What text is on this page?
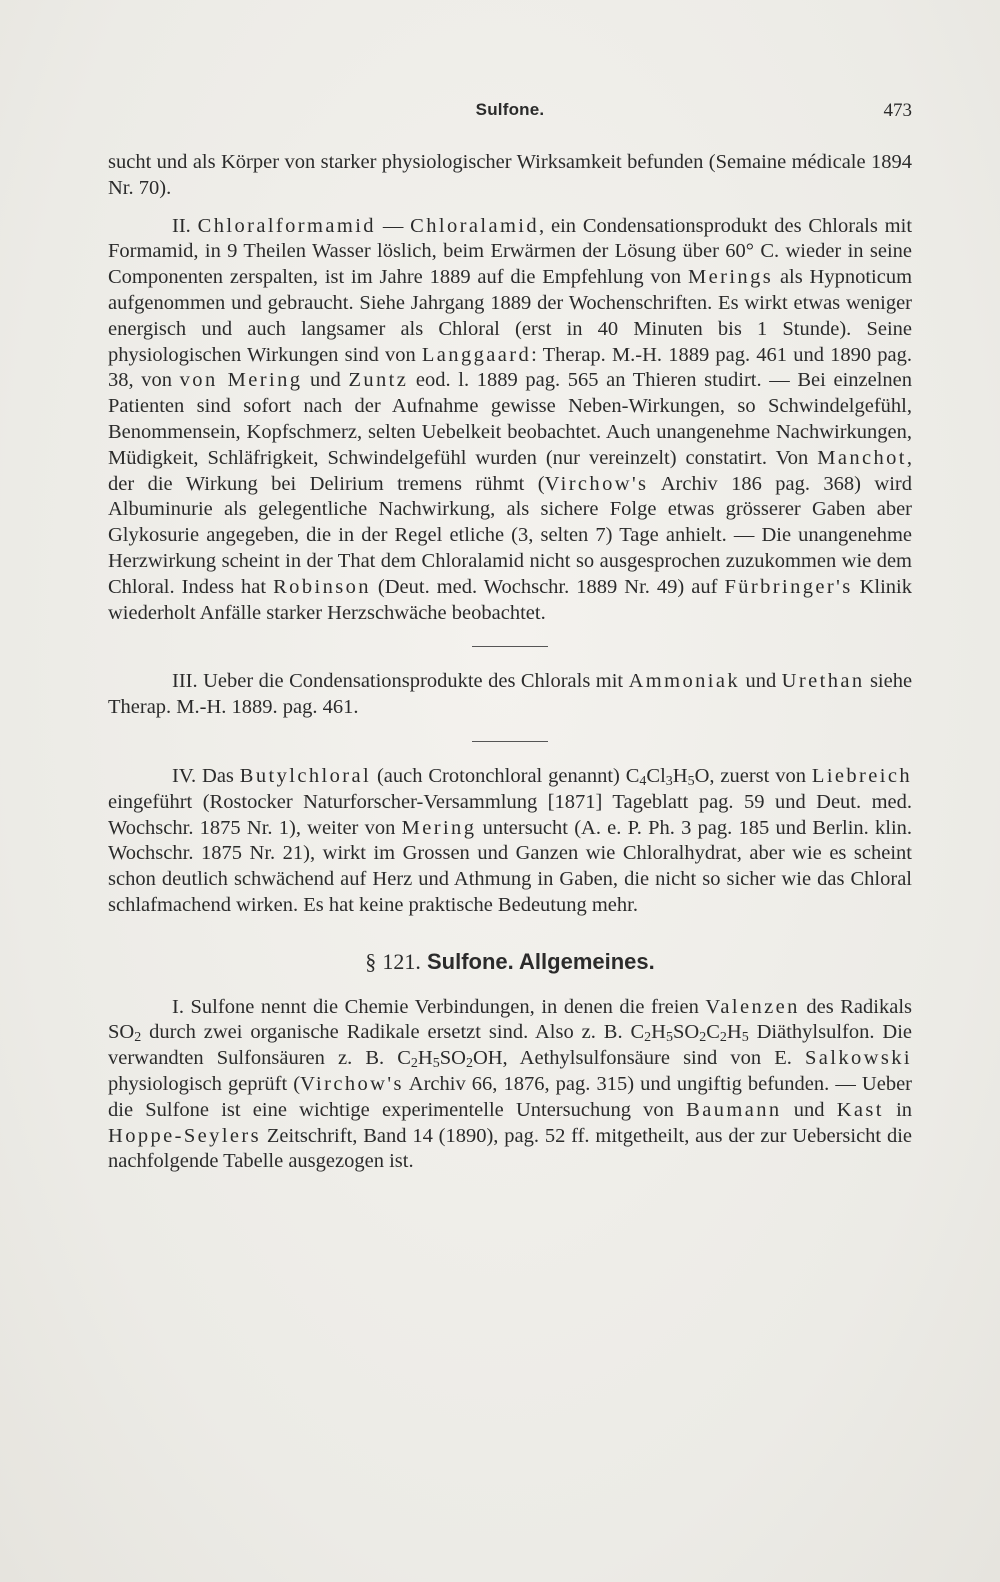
Sulfone.	473

sucht und als Körper von starker physiologischer Wirksamkeit befunden (Semaine médicale 1894 Nr. 70).

II. Chloralformamid — Chloralamid, ein Condensationsprodukt des Chlorals mit Formamid, in 9 Theilen Wasser löslich, beim Erwärmen der Lösung über 60° C. wieder in seine Componenten zerspalten, ist im Jahre 1889 auf die Empfehlung von Merings als Hypnoticum aufgenommen und gebraucht. Siehe Jahrgang 1889 der Wochenschriften. Es wirkt etwas weniger energisch und auch langsamer als Chloral (erst in 40 Minuten bis 1 Stunde). Seine physiologischen Wirkungen sind von Langgaard: Therap. M.-H. 1889 pag. 461 und 1890 pag. 38, von von Mering und Zuntz eod. l. 1889 pag. 565 an Thieren studirt. — Bei einzelnen Patienten sind sofort nach der Aufnahme gewisse Neben-Wirkungen, so Schwindelgefühl, Benommensein, Kopfschmerz, selten Uebelkeit beobachtet. Auch unangenehme Nachwirkungen, Müdigkeit, Schläfrigkeit, Schwindelgefühl wurden (nur vereinzelt) constatirt. Von Manchot, der die Wirkung bei Delirium tremens rühmt (Virchow's Archiv 186 pag. 368) wird Albuminurie als gelegentliche Nachwirkung, als sichere Folge etwas grösserer Gaben aber Glykosurie angegeben, die in der Regel etliche (3, selten 7) Tage anhielt. — Die unangenehme Herzwirkung scheint in der That dem Chloralamid nicht so ausgesprochen zuzukommen wie dem Chloral. Indess hat Robinson (Deut. med. Wochschr. 1889 Nr. 49) auf Fürbringer's Klinik wiederholt Anfälle starker Herzschwäche beobachtet.

III. Ueber die Condensationsprodukte des Chlorals mit Ammoniak und Urethan siehe Therap. M.-H. 1889. pag. 461.

IV. Das Butylchloral (auch Crotonchloral genannt) $C_4Cl_3H_5O$, zuerst von Liebreich eingeführt (Rostocker Naturforscher-Versammlung [1871] Tageblatt pag. 59 und Deut. med. Wochschr. 1875 Nr. 1), weiter von Mering untersucht (A. e. P. Ph. 3 pag. 185 und Berlin. klin. Wochschr. 1875 Nr. 21), wirkt im Grossen und Ganzen wie Chloralhydrat, aber wie es scheint schon deutlich schwächend auf Herz und Athmung in Gaben, die nicht so sicher wie das Chloral schlafmachend wirken. Es hat keine praktische Bedeutung mehr.

§ 121. Sulfone. Allgemeines.

I. Sulfone nennt die Chemie Verbindungen, in denen die freien Valenzen des Radikals $SO_2$ durch zwei organische Radikale ersetzt sind. Also z. B. $C_2H_5SO_2C_2H_5$ Diäthylsulfon. Die verwandten Sulfonsäuren z. B. $C_2H_5SO_2OH$, Aethylsulfonsäure sind von E. Salkowski physiologisch geprüft (Virchow's Archiv 66, 1876, pag. 315) und ungiftig befunden. — Ueber die Sulfone ist eine wichtige experimentelle Untersuchung von Baumann und Kast in Hoppe-Seylers Zeitschrift, Band 14 (1890), pag. 52 ff. mitgetheilt, aus der zur Uebersicht die nachfolgende Tabelle ausgezogen ist.
